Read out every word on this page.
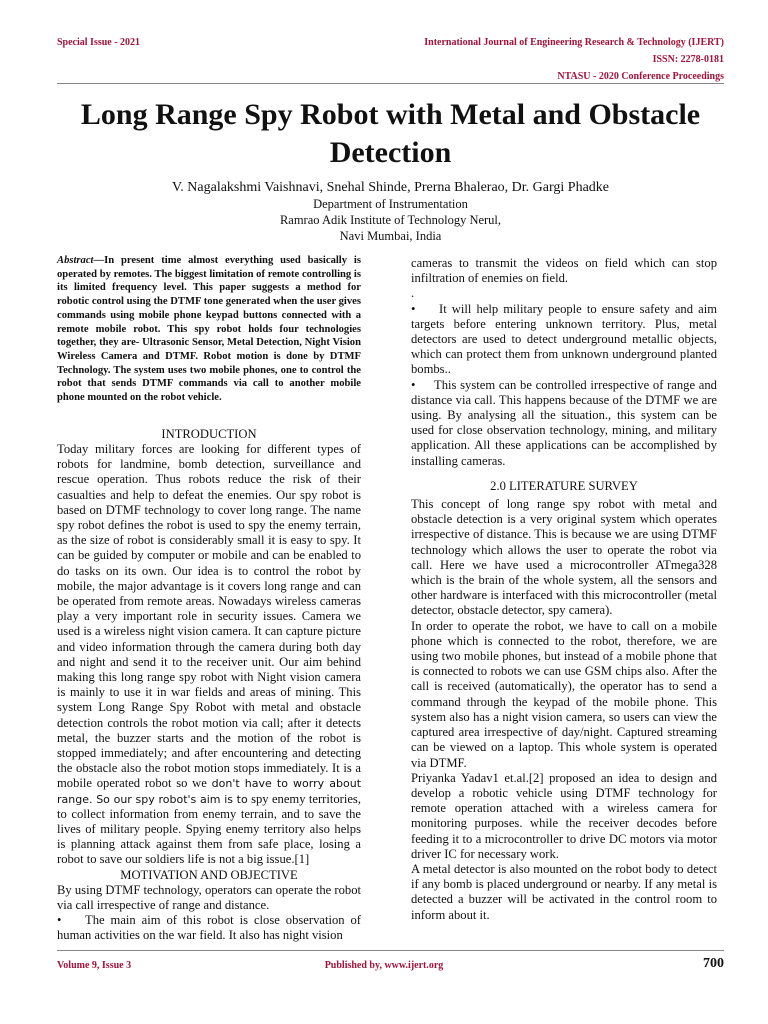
Special Issue - 2021	International Journal of Engineering Research & Technology (IJERT)
ISSN: 2278-0181
NTASU - 2020 Conference Proceedings
Long Range Spy Robot with Metal and Obstacle Detection
V. Nagalakshmi Vaishnavi, Snehal Shinde, Prerna Bhalerao, Dr. Gargi Phadke
Department of Instrumentation
Ramrao Adik Institute of Technology Nerul,
Navi Mumbai, India

Abstract—In present time almost everything used basically is operated by remotes. The biggest limitation of remote controlling is its limited frequency level. This paper suggests a method for robotic control using the DTMF tone generated when the user gives commands using mobile phone keypad buttons connected with a remote mobile robot. This spy robot holds four technologies together, they are- Ultrasonic Sensor, Metal Detection, Night Vision Wireless Camera and DTMF. Robot motion is done by DTMF Technology. The system uses two mobile phones, one to control the robot that sends DTMF commands via call to another mobile phone mounted on the robot vehicle.

INTRODUCTION

Today military forces are looking for different types of robots for landmine, bomb detection, surveillance and rescue operation. Thus robots reduce the risk of their casualties and help to defeat the enemies. Our spy robot is based on DTMF technology to cover long range. The name spy robot defines the robot is used to spy the enemy terrain, as the size of robot is considerably small it is easy to spy. It can be guided by computer or mobile and can be enabled to do tasks on its own. Our idea is to control the robot by mobile, the major advantage is it covers long range and can be operated from remote areas. Nowadays wireless cameras play a very important role in security issues. Camera we used is a wireless night vision camera. It can capture picture and video information through the camera during both day and night and send it to the receiver unit. Our aim behind making this long range spy robot with Night vision camera is mainly to use it in war fields and areas of mining. This system Long Range Spy Robot with metal and obstacle detection controls the robot motion via call; after it detects metal, the buzzer starts and the motion of the robot is stopped immediately; and after encountering and detecting the obstacle also the robot motion stops immediately. It is a mobile operated robot so we don't have to worry about range. So our spy robot's aim is to spy enemy territories, to collect information from enemy terrain, and to save the lives of military people. Spying enemy territory also helps is planning attack against them from safe place, losing a robot to save our soldiers life is not a big issue.[1]

MOTIVATION AND OBJECTIVE

By using DTMF technology, operators can operate the robot via call irrespective of range and distance.

• The main aim of this robot is close observation of human activities on the war field. It also has night vision

cameras to transmit the videos on field which can stop infiltration of enemies on field.

.

• It will help military people to ensure safety and aim targets before entering unknown territory. Plus, metal detectors are used to detect underground metallic objects, which can protect them from unknown underground planted bombs..

• This system can be controlled irrespective of range and distance via call. This happens because of the DTMF we are using. By analysing all the situation., this system can be used for close observation technology, mining, and military application. All these applications can be accomplished by installing cameras.

2.0 LITERATURE SURVEY

This concept of long range spy robot with metal and obstacle detection is a very original system which operates irrespective of distance. This is because we are using DTMF technology which allows the user to operate the robot via call. Here we have used a microcontroller ATmega328 which is the brain of the whole system, all the sensors and other hardware is interfaced with this microcontroller (metal detector, obstacle detector, spy camera).

In order to operate the robot, we have to call on a mobile phone which is connected to the robot, therefore, we are using two mobile phones, but instead of a mobile phone that is connected to robots we can use GSM chips also. After the call is received (automatically), the operator has to send a command through the keypad of the mobile phone. This system also has a night vision camera, so users can view the captured area irrespective of day/night. Captured streaming can be viewed on a laptop. This whole system is operated via DTMF.

Priyanka Yadav1 et.al.[2] proposed an idea to design and develop a robotic vehicle using DTMF technology for remote operation attached with a wireless camera for monitoring purposes. while the receiver decodes before feeding it to a microcontroller to drive DC motors via motor driver IC for necessary work.

A metal detector is also mounted on the robot body to detect if any bomb is placed underground or nearby. If any metal is detected a buzzer will be activated in the control room to inform about it.

Volume 9, Issue 3	Published by, www.ijert.org	700
